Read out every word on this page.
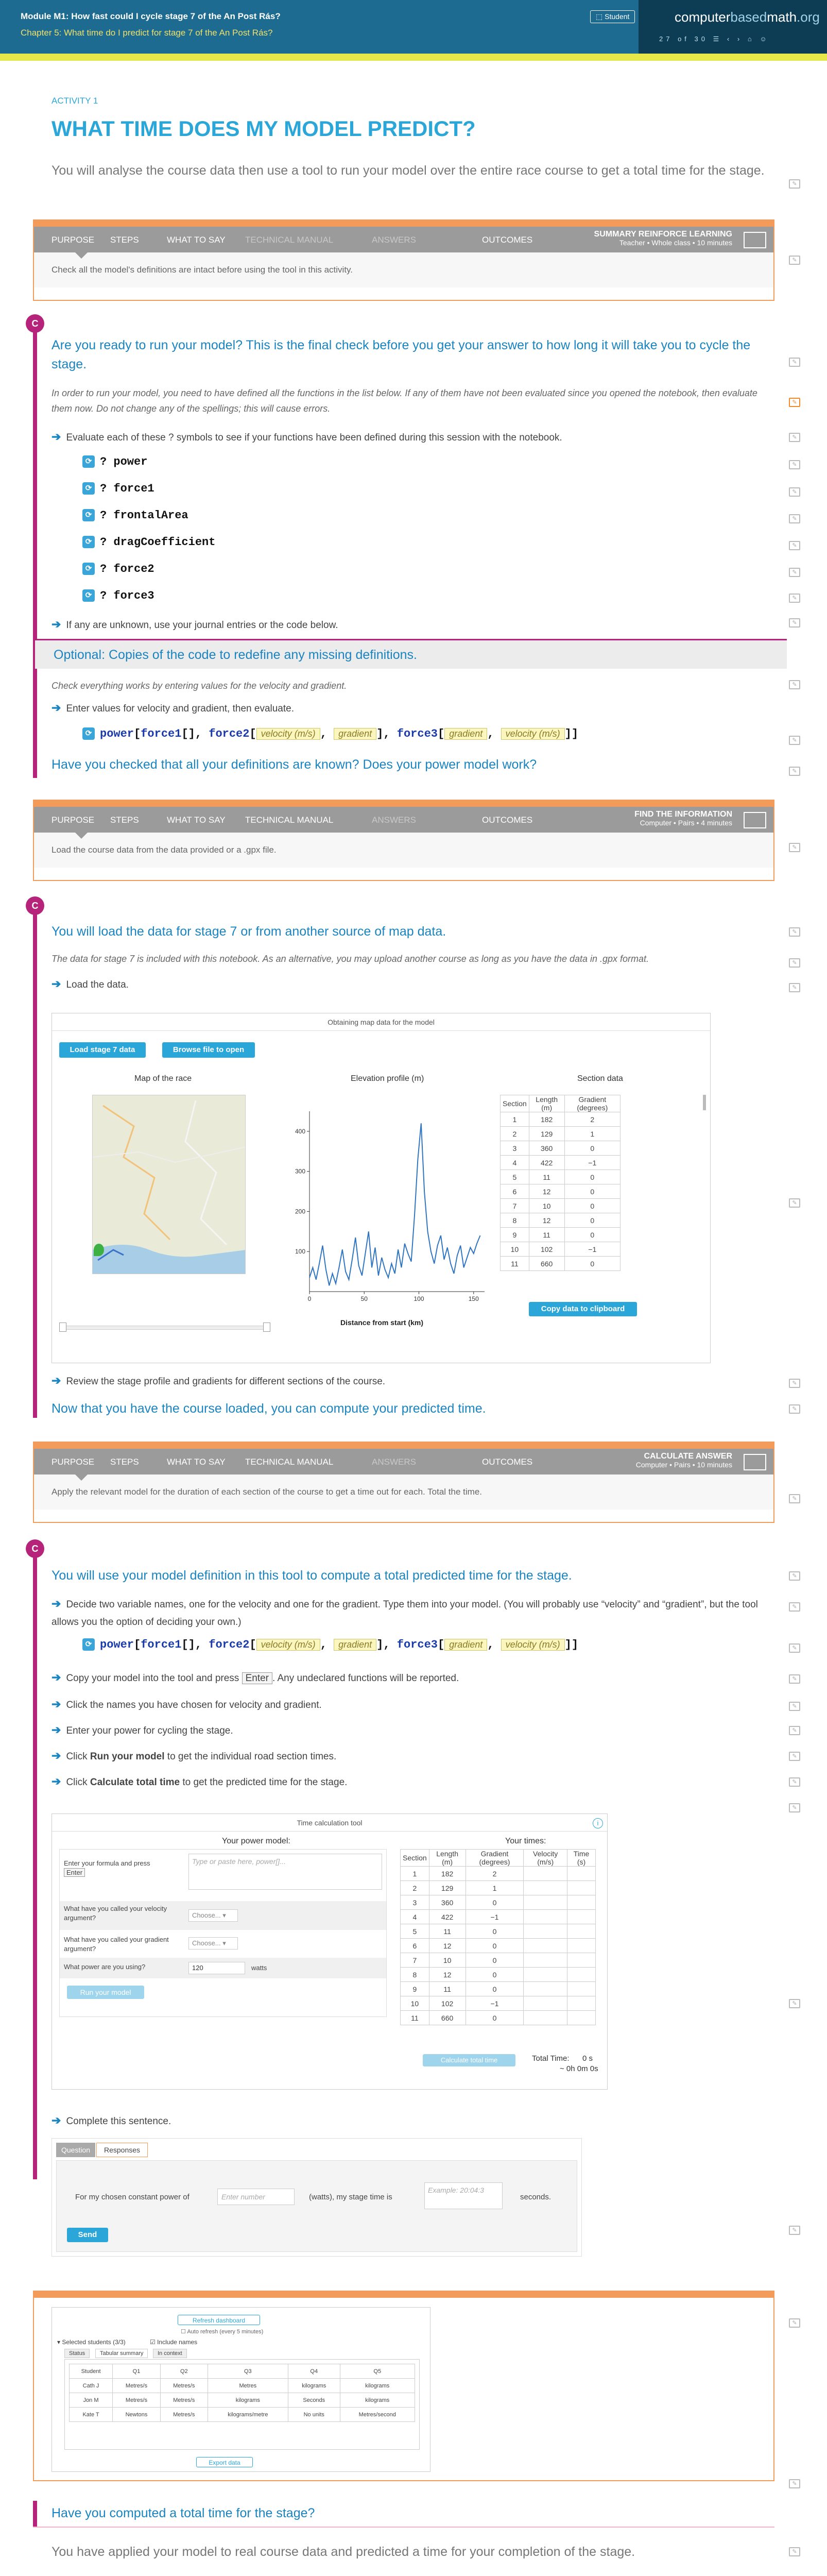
Module M1: How fast could I cycle stage 7 of the An Post Rás?
Chapter 5: What time do I predict for stage 7 of the An Post Rás?
⬚ Student	computerbasedmath.org
27 of 30 ☰ ‹ › ⌂ ☺
ACTIVITY 1
WHAT TIME DOES MY MODEL PREDICT?
You will analyse the course data then use a tool to run your model over the entire race course to get a total time for the stage.
✎
✎
✎
✎
✎
✎
✎
✎
✎
✎
✎
✎
✎
✎
✎
✎
✎
✎
✎
✎
✎
✎
✎
✎
✎
✎
✎
✎
✎
✎
✎
✎
✎
✎
✎
✎
✎
PURPOSE STEPS	WHAT TO SAY TECHNICAL MANUAL	ANSWERS	OUTCOMES
SUMMARY REINFORCE LEARNING
Teacher • Whole class • 10 minutes
Check all the model's definitions are intact before using the tool in this activity.
C
Are you ready to run your model? This is the final check before you get your answer to how long it will take you to cycle the stage.
In order to run your model, you need to have defined all the functions in the list below. If any of them have not been evaluated since you opened the notebook, then evaluate them now. Do not change any of the spellings; this will cause errors.
➔ Evaluate each of these ? symbols to see if your functions have been defined during this session with the notebook.
⟳ ? power
⟳ ? force1
⟳ ? frontalArea
⟳ ? dragCoefficient
⟳ ? force2
⟳ ? force3
➔ If any are unknown, use your journal entries or the code below.
Optional: Copies of the code to redefine any missing definitions.
Check everything works by entering values for the velocity and gradient.
➔ Enter values for velocity and gradient, then evaluate.
⟳ power[force1[], force2[ velocity (m/s) , gradient ], force3[ gradient , velocity (m/s) ]]
Have you checked that all your definitions are known? Does your power model work?
PURPOSE STEPS	WHAT TO SAY TECHNICAL MANUAL	ANSWERS	OUTCOMES
FIND THE INFORMATION
Computer • Pairs • 4 minutes
Load the course data from the data provided or a .gpx file.
C
You will load the data for stage 7 or from another source of map data.
The data for stage 7 is included with this notebook. As an alternative, you may upload another course as long as you have the data in .gpx format.
➔ Load the data.
Obtaining map data for the model
Load stage 7 data	Browse file to open
Map of the race	Elevation profile (m)	Section data
100
200
300
400
0	50	100	150
Distance from start (km)
Section	Length (m)	Gradient (degrees)
1	182	2
2	129	1
3	360	0
4	422	−1
5	11	0
6	12	0
7	10	0
8	12	0
9	11	0
10	102	−1
11	660	0
Copy data to clipboard
➔ Review the stage profile and gradients for different sections of the course.
Now that you have the course loaded, you can compute your predicted time.
PURPOSE STEPS	WHAT TO SAY TECHNICAL MANUAL	ANSWERS	OUTCOMES
CALCULATE ANSWER
Computer • Pairs • 10 minutes
Apply the relevant model for the duration of each section of the course to get a time out for each. Total the time.
C
You will use your model definition in this tool to compute a total predicted time for the stage.
➔ Decide two variable names, one for the velocity and one for the gradient. Type them into your model. (You will probably use “velocity” and “gradient”, but the tool allows you the option of deciding your own.)
⟳ power[force1[], force2[ velocity (m/s) , gradient ], force3[ gradient , velocity (m/s) ]]
➔ Copy your model into the tool and press Enter . Any undeclared functions will be reported.
➔ Click the names you have chosen for velocity and gradient.
➔ Enter your power for cycling the stage.
➔ Click Run your model to get the individual road section times.
➔ Click Calculate total time to get the predicted time for the stage.
Time calculation tool	i
Your power model:	Your times:
Enter your formula and press
Enter
Type or paste here, power[]...
What have you called your velocity argument?	Choose... ▾
What have you called your gradient argument?
Choose... ▾
What power are you using?	120	watts
Run your model
Section	Length (m)	Gradient (degrees)	Velocity (m/s)	Time (s)
1	182	2		
2	129	1		
3	360	0		
4	422	−1		
5	11	0		
6	12	0		
7	10	0		
8	12	0		
9	11	0		
10	102	−1		
11	660	0		
Calculate total time	Total Time: 0 s
~ 0h 0m 0s
➔ Complete this sentence.
Question	Responses
For my chosen constant power of	Enter number	(watts), my stage time is
Example: 20:04:3
seconds.
Send
Refresh dashboard
☐ Auto refresh (every 5 minutes)
▾ Selected students (3/3)	☑ Include names
Status	Tabular summary	In context
Student	Q1	Q2	Q3	Q4	Q5
Cath J	Metres/s	Metres/s	Metres	kilograms	kilograms
Jon M	Metres/s	Metres/s	kilograms	Seconds	kilograms
Kate T	Newtons	Metres/s	kilograms/metre	No units	Metres/second
Export data
Have you computed a total time for the stage?
You have applied your model to real course data and predicted a time for your completion of the stage.
